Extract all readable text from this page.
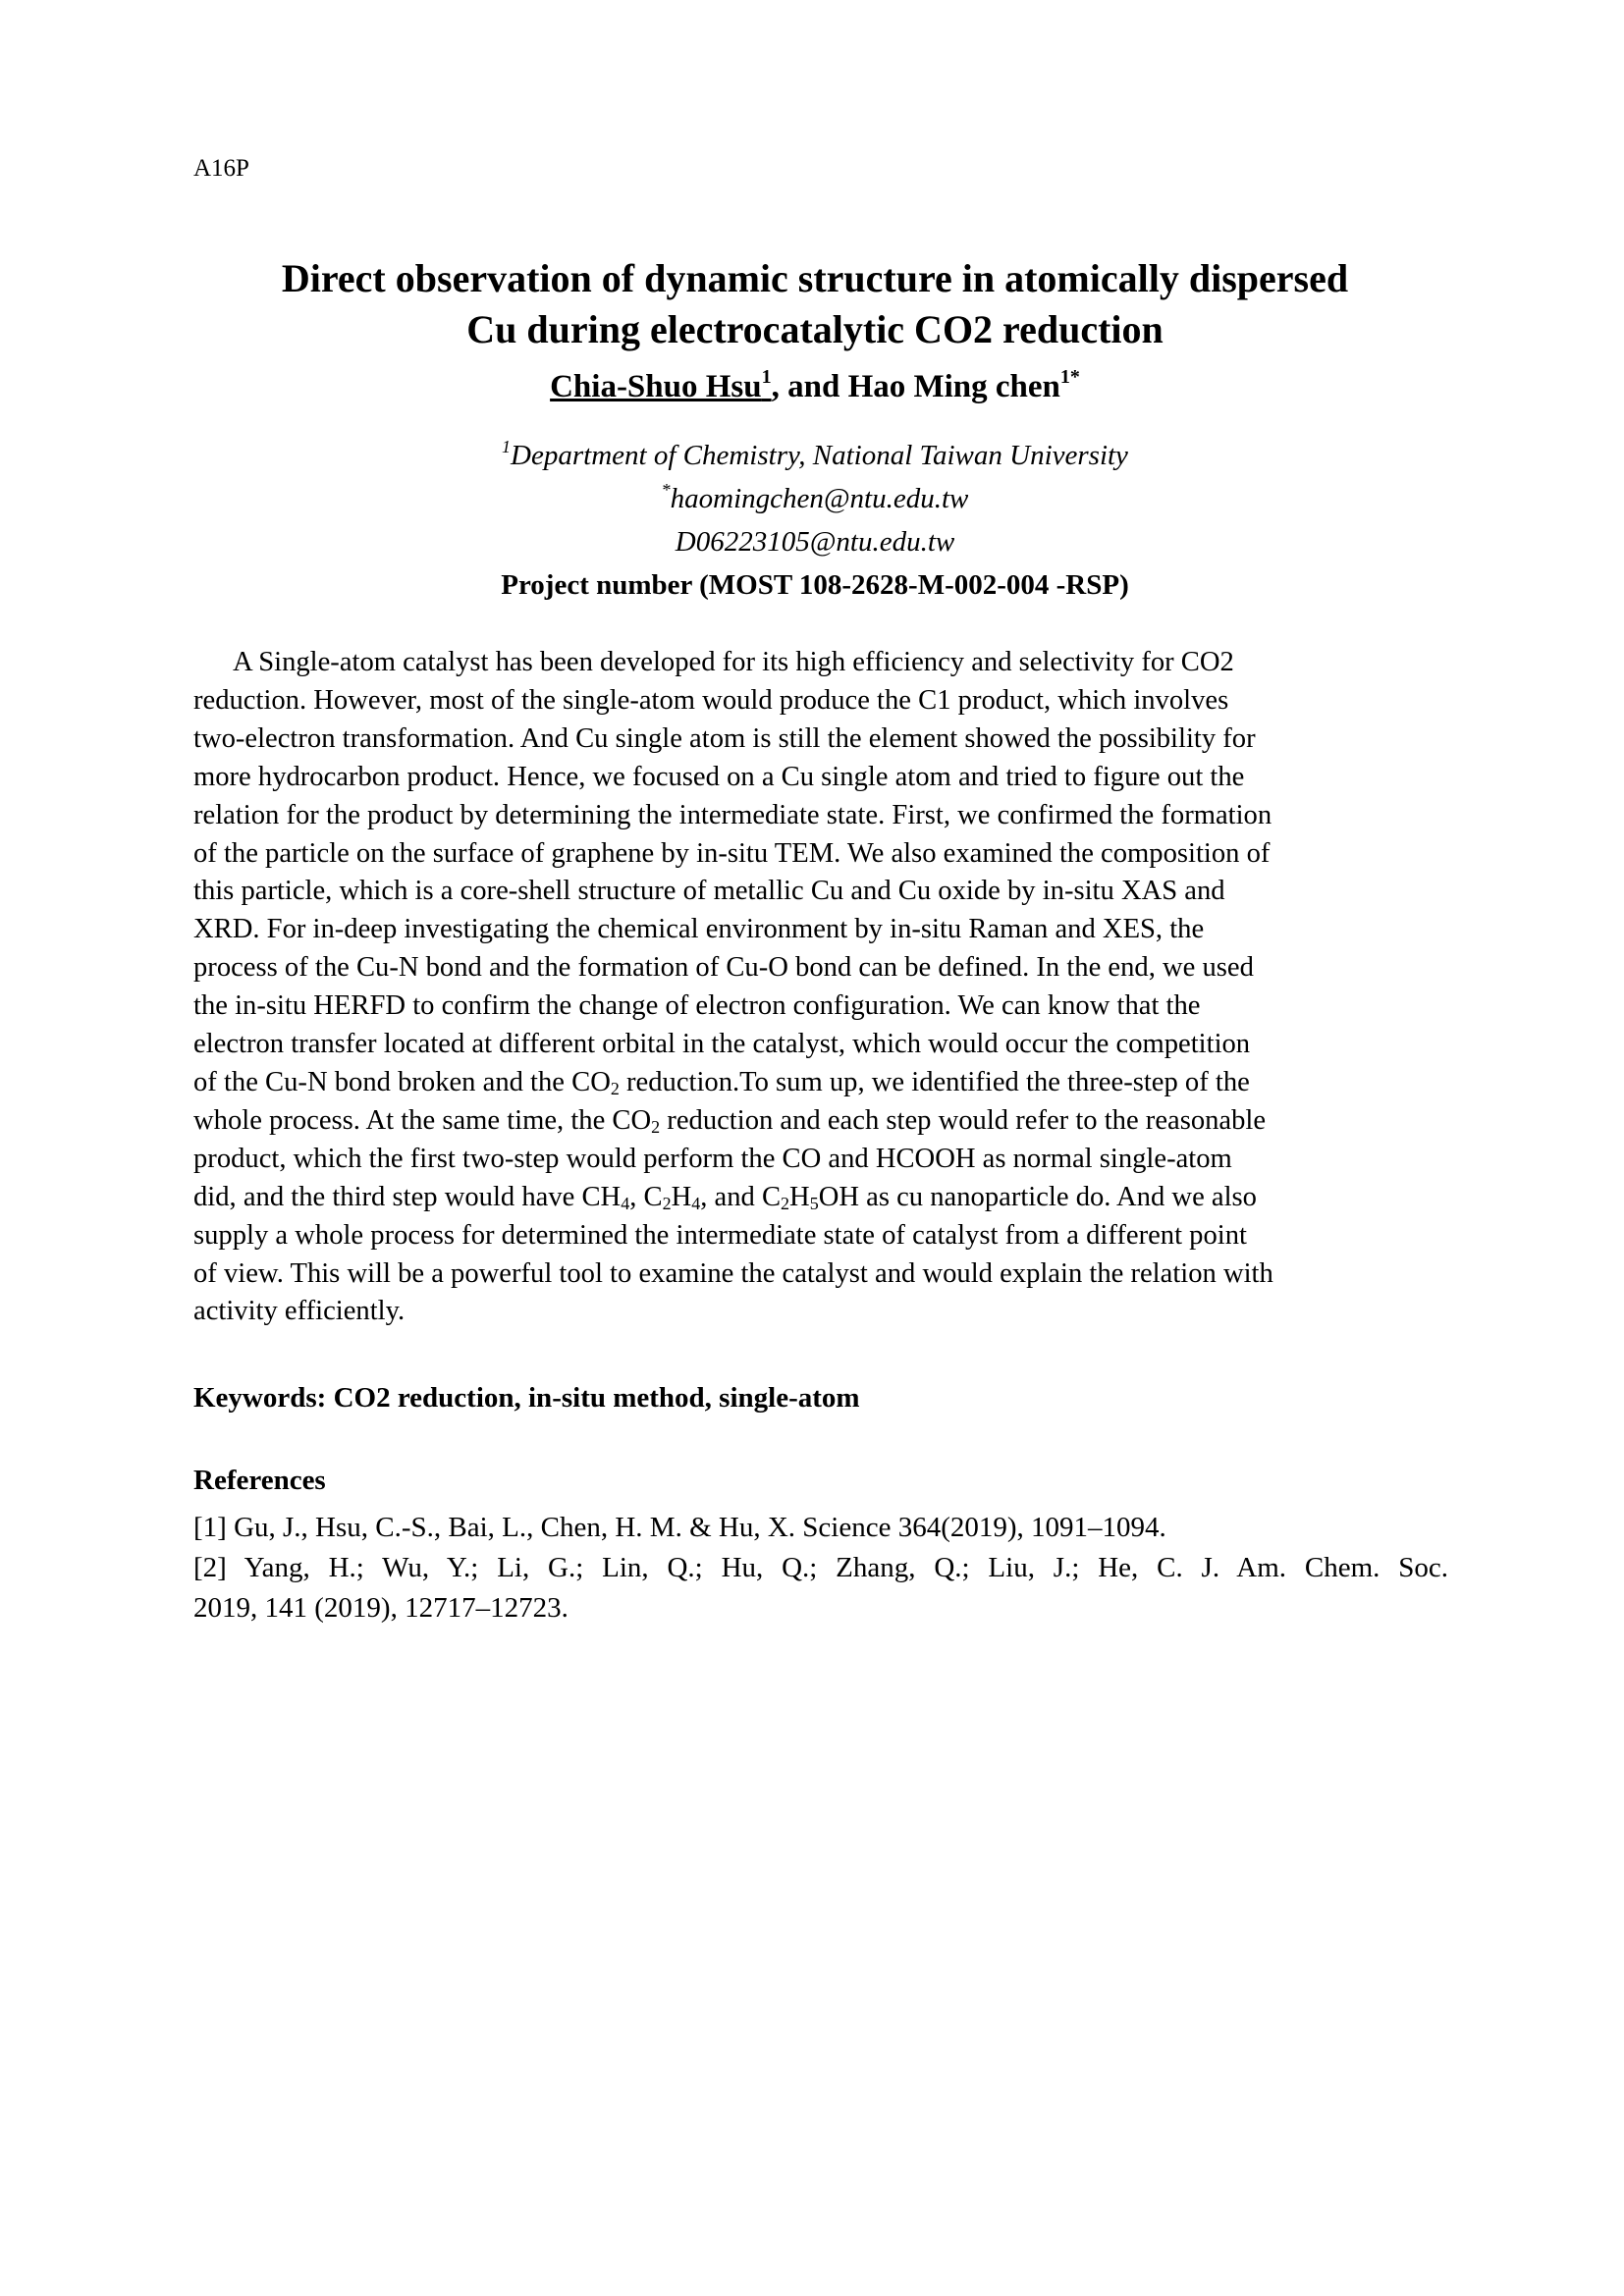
A16P
Direct observation of dynamic structure in atomically dispersed
Cu during electrocatalytic CO2 reduction
Chia-Shuo Hsu$^1$, and Hao Ming chen$^{1*}$
$^1$Department of Chemistry, National Taiwan University
*haomingchen@ntu.edu.tw
D06223105@ntu.edu.tw
Project number (MOST 108-2628-M-002-004 -RSP)
A Single-atom catalyst has been developed for its high efficiency and selectivity for CO2
reduction. However, most of the single-atom would produce the C1 product, which involves
two-electron transformation. And Cu single atom is still the element showed the possibility for
more hydrocarbon product. Hence, we focused on a Cu single atom and tried to figure out the
relation for the product by determining the intermediate state. First, we confirmed the formation
of the particle on the surface of graphene by in-situ TEM. We also examined the composition of
this particle, which is a core-shell structure of metallic Cu and Cu oxide by in-situ XAS and
XRD. For in-deep investigating the chemical environment by in-situ Raman and XES, the
process of the Cu-N bond and the formation of Cu-O bond can be defined. In the end, we used
the in-situ HERFD to confirm the change of electron configuration. We can know that the
electron transfer located at different orbital in the catalyst, which would occur the competition
of the Cu-N bond broken and the $CO_2$ reduction.To sum up, we identified the three-step of the
whole process. At the same time, the $CO_2$ reduction and each step would refer to the reasonable
product, which the first two-step would perform the CO and HCOOH as normal single-atom
did, and the third step would have $CH_4$, $C_2H_4$, and $C_2H_5OH$ as cu nanoparticle do. And we also
supply a whole process for determined the intermediate state of catalyst from a different point
of view. This will be a powerful tool to examine the catalyst and would explain the relation with
activity efficiently.
Keywords: CO2 reduction, in-situ method, single-atom
References
[1] Gu, J., Hsu, C.-S., Bai, L., Chen, H. M. & Hu, X. Science 364(2019), 1091–1094.
[2] Yang, H.; Wu, Y.; Li, G.; Lin, Q.; Hu, Q.; Zhang, Q.; Liu, J.; He, C. J. Am. Chem. Soc.
2019, 141 (2019), 12717–12723.
